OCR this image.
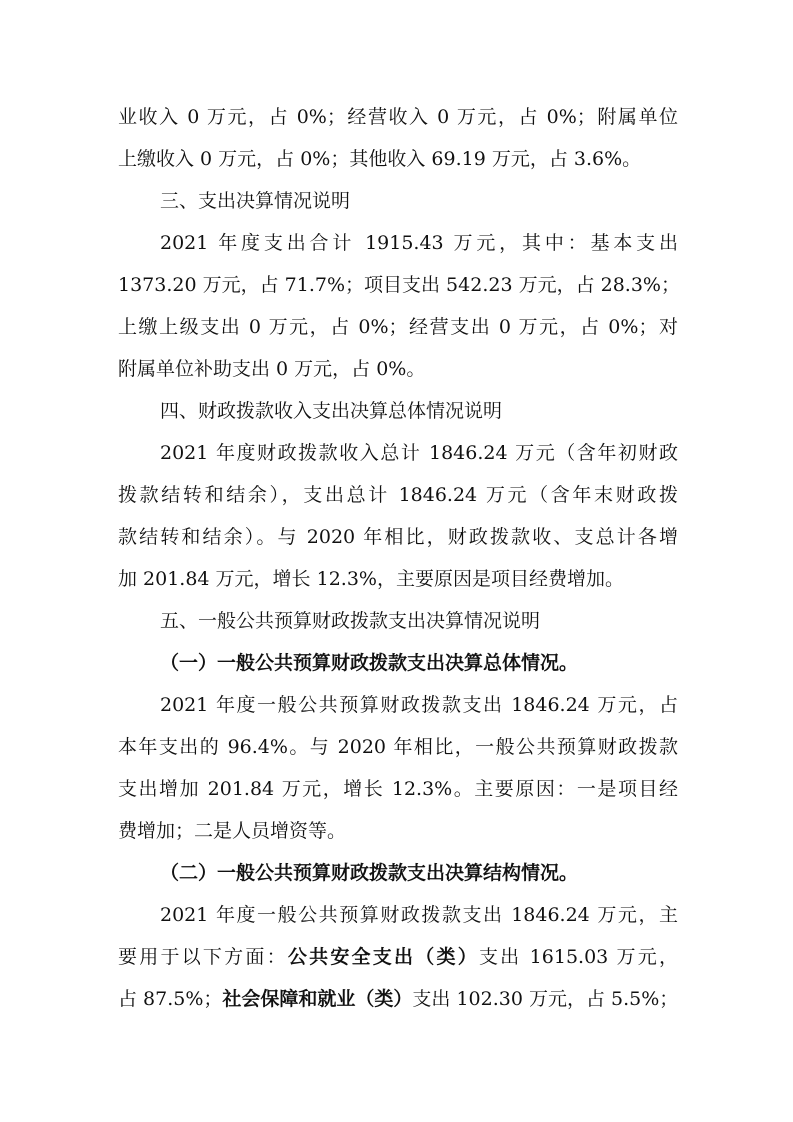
业收入 0 万元，占 0%；经营收入 0 万元，占 0%；附属单位
上缴收入 0 万元，占 0%；其他收入 69.19 万元，占 3.6%。
三、支出决算情况说明
2021 年度支出合计 1915.43 万元，其中：基本支出
1373.20 万元，占 71.7%；项目支出 542.23 万元，占 28.3%；
上缴上级支出 0 万元，占 0%；经营支出 0 万元，占 0%；对
附属单位补助支出 0 万元，占 0%。
四、财政拨款收入支出决算总体情况说明
2021 年度财政拨款收入总计 1846.24 万元（含年初财政
拨款结转和结余），支出总计 1846.24 万元（含年末财政拨
款结转和结余）。与 2020 年相比，财政拨款收、支总计各增
加 201.84 万元，增长 12.3%，主要原因是项目经费增加。
五、一般公共预算财政拨款支出决算情况说明
（一）一般公共预算财政拨款支出决算总体情况。
2021 年度一般公共预算财政拨款支出 1846.24 万元，占
本年支出的 96.4%。与 2020 年相比，一般公共预算财政拨款
支出增加 201.84 万元，增长 12.3%。主要原因：一是项目经
费增加；二是人员增资等。
（二）一般公共预算财政拨款支出决算结构情况。
2021 年度一般公共预算财政拨款支出 1846.24 万元，主
要用于以下方面：公共安全支出（类）支出 1615.03 万元，
占 87.5%；社会保障和就业（类）支出 102.30 万元，占 5.5%；
